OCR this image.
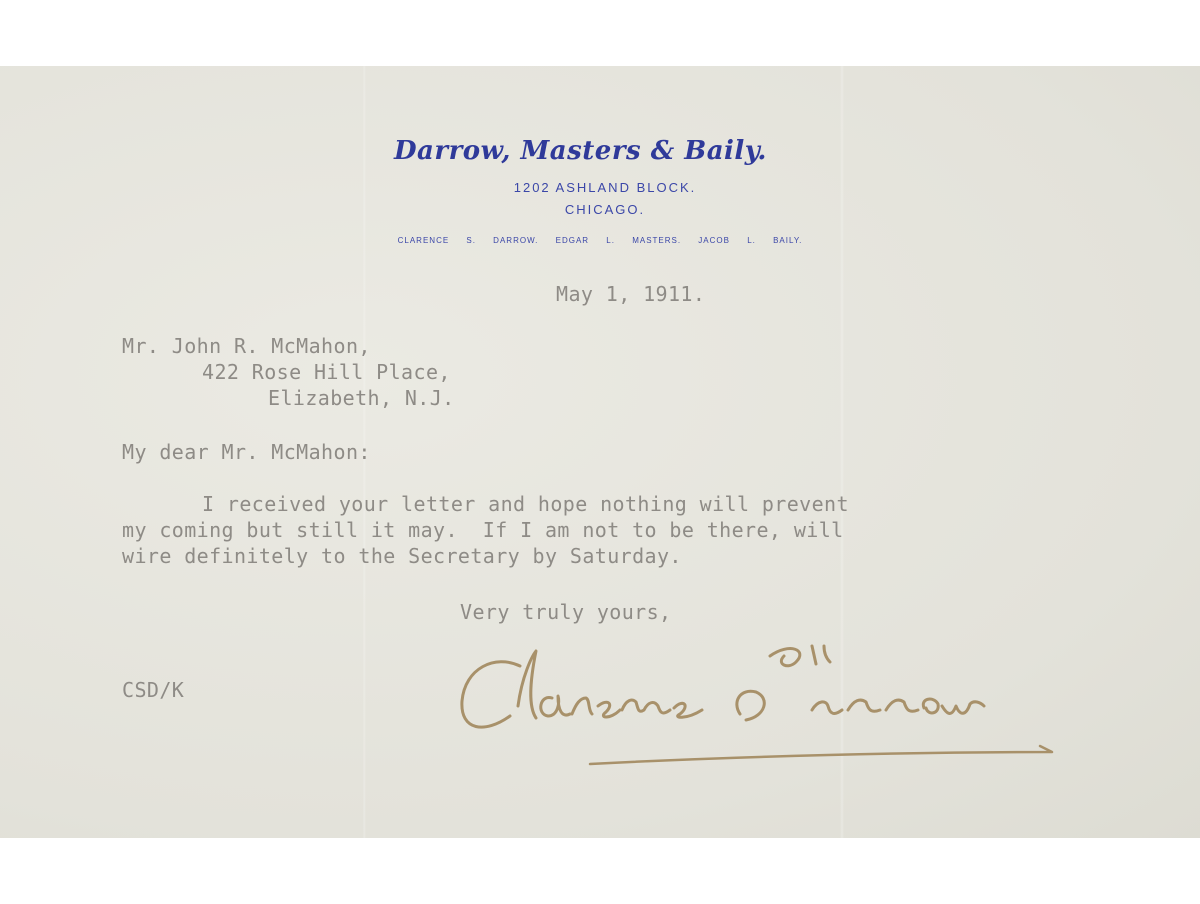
Darrow, Masters & Baily.
1202 ASHLAND BLOCK.
CHICAGO.
CLARENCE S. DARROW. EDGAR L. MASTERS. JACOB L. BAILY.
May 1, 1911.
Mr. John R. McMahon,
422 Rose Hill Place,
Elizabeth, N.J.
My dear Mr. McMahon:
I received your letter and hope nothing will prevent
my coming but still it may.  If I am not to be there, will
wire definitely to the Secretary by Saturday.
Very truly yours,
CSD/K
